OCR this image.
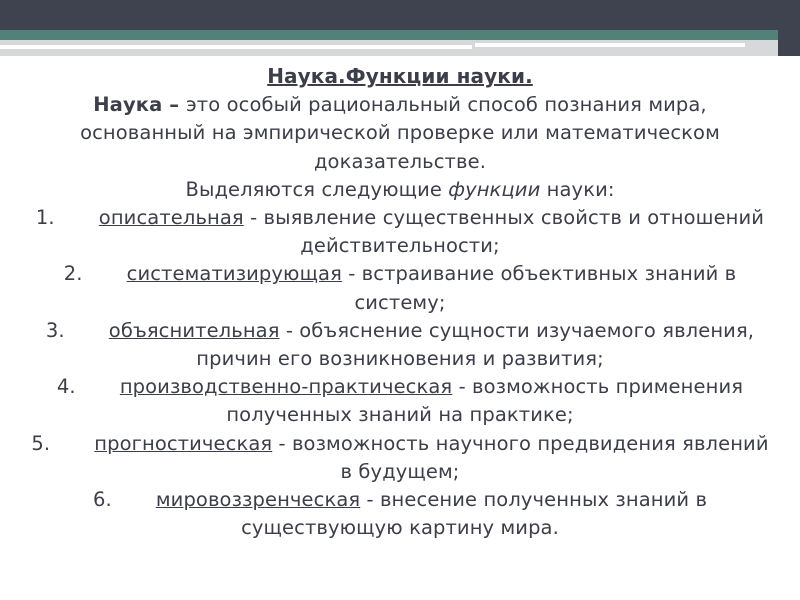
Наука.Функции науки.

Наука – это особый рациональный способ познания мира, основанный на эмпирической проверке или математическом доказательстве.

Выделяются следующие функции науки:

1. описательная - выявление существенных свойств и отношений действительности;

2. систематизирующая - встраивание объективных знаний в систему;

3. объяснительная - объяснение сущности изучаемого явления, причин его возникновения и развития;

4. производственно-практическая - возможность применения полученных знаний на практике;

5. прогностическая - возможность научного предвидения явлений в будущем;

6. мировоззренческая - внесение полученных знаний в существующую картину мира.
